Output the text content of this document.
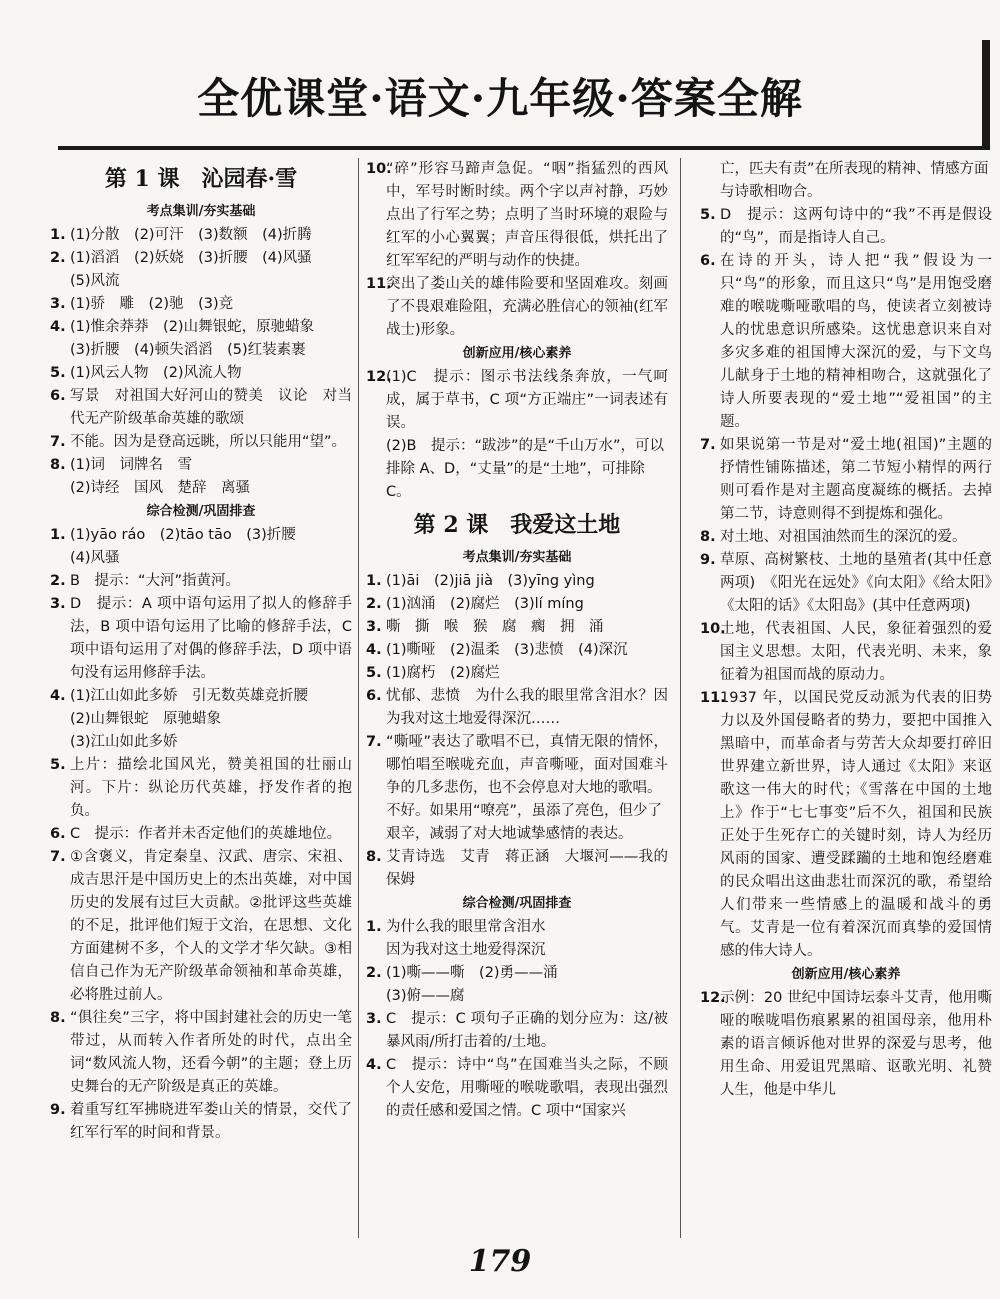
全优课堂·语文·九年级·答案全解
第 1 课　沁园春·雪
考点集训/夯实基础
1. (1)分散　(2)可汗　(3)数额　(4)折腾
2. (1)滔滔　(2)妖娆　(3)折腰　(4)风骚
(5)风流
3. (1)骄　雕　(2)驰　(3)竞
4. (1)惟余莽莽　(2)山舞银蛇，原驰蜡象
(3)折腰　(4)顿失滔滔　(5)红装素裹
5. (1)风云人物　(2)风流人物
6. 写景　对祖国大好河山的赞美　议论　对当代无产阶级革命英雄的歌颂
7. 不能。因为是登高远眺，所以只能用“望”。
8. (1)词　词牌名　雪
(2)诗经　国风　楚辞　离骚
综合检测/巩固排查
1. (1)yāo ráo　(2)tāo tāo　(3)折腰
(4)风骚
2. B　提示：“大河”指黄河。
3. D　提示：A 项中语句运用了拟人的修辞手法，B 项中语句运用了比喻的修辞手法，C 项中语句运用了对偶的修辞手法，D 项中语句没有运用修辞手法。
4. (1)江山如此多娇　引无数英雄竞折腰
(2)山舞银蛇　原驰蜡象
(3)江山如此多娇
5. 上片：描绘北国风光，赞美祖国的壮丽山河。下片：纵论历代英雄，抒发作者的抱负。
6. C　提示：作者并未否定他们的英雄地位。
7. ①含褒义，肯定秦皇、汉武、唐宗、宋祖、成吉思汗是中国历史上的杰出英雄，对中国历史的发展有过巨大贡献。②批评这些英雄的不足，批评他们短于文治，在思想、文化方面建树不多，个人的文学才华欠缺。③相信自己作为无产阶级革命领袖和革命英雄，必将胜过前人。
8. “俱往矣”三字，将中国封建社会的历史一笔带过，从而转入作者所处的时代，点出全词“数风流人物，还看今朝”的主题；登上历史舞台的无产阶级是真正的英雄。
9. 着重写红军拂晓进军娄山关的情景，交代了红军行军的时间和背景。
10.
“碎”形容马蹄声急促。“咽”指猛烈的西风中，军号时断时续。两个字以声衬静，巧妙点出了行军之势；点明了当时环境的艰险与红军的小心翼翼；声音压得很低，烘托出了红军军纪的严明与动作的快捷。
11.
突出了娄山关的雄伟险要和坚固难攻。刻画了不畏艰难险阻，充满必胜信心的领袖(红军战士)形象。
创新应用/核心素养
12.
(1)C　提示：图示书法线条奔放，一气呵成，属于草书，C 项“方正端庄”一词表述有误。
(2)B　提示：“跋涉”的是“千山万水”，可以排除 A、D，“丈量”的是“土地”，可排除 C。
第 2 课　我爱这土地
考点集训/夯实基础
1. (1)āi　(2)jiā jià　(3)yīng yìng
2. (1)汹涌　(2)腐烂　(3)lí míng
3. 嘶　撕　喉　猴　腐　瘸　拥　涌
4. (1)嘶哑　(2)温柔　(3)悲愤　(4)深沉
5. (1)腐朽　(2)腐烂
6. 忧郁、悲愤　为什么我的眼里常含泪水？因为我对这土地爱得深沉……
7. “嘶哑”表达了歌唱不已，真情无限的情怀，哪怕唱至喉咙充血，声音嘶哑，面对国难斗争的几多悲伤，也不会停息对大地的歌唱。
不好。如果用“嘹亮”，虽添了亮色，但少了艰辛，减弱了对大地诚挚感情的表达。
8. 艾青诗选　艾青　蒋正涵　大堰河——我的保姆
综合检测/巩固排查
1. 为什么我的眼里常含泪水
因为我对这土地爱得深沉
2. (1)嘶——嘶　(2)勇——涌
(3)俯——腐
3. C　提示：C 项句子正确的划分应为：这/被暴风雨/所打击着的/土地。
4. C　提示：诗中“鸟”在国难当头之际，不顾个人安危，用嘶哑的喉咙歌唱，表现出强烈的责任感和爱国之情。C 项中“国家兴
亡，匹夫有责”在所表现的精神、情感方面与诗歌相吻合。
5. D　提示：这两句诗中的“我”不再是假设的“鸟”，而是指诗人自己。
6. 在诗的开头，诗人把“我”假设为一只“鸟”的形象，而且这只“鸟”是用饱受磨难的喉咙嘶哑歌唱的鸟，使读者立刻被诗人的忧患意识所感染。这忧患意识来自对多灾多难的祖国博大深沉的爱，与下文鸟儿献身于土地的精神相吻合，这就强化了诗人所要表现的“爱土地”“爱祖国”的主题。
7. 如果说第一节是对“爱土地(祖国)”主题的抒情性铺陈描述，第二节短小精悍的两行则可看作是对主题高度凝练的概括。去掉第二节，诗意则得不到提炼和强化。
8. 对土地、对祖国油然而生的深沉的爱。
9. 草原、高树繁枝、土地的垦殖者(其中任意两项)　《阳光在远处》《向太阳》《给太阳》《太阳的话》《太阳岛》(其中任意两项)
10.
土地，代表祖国、人民，象征着强烈的爱国主义思想。太阳，代表光明、未来，象征着为祖国而战的原动力。
11.
1937 年，以国民党反动派为代表的旧势力以及外国侵略者的势力，要把中国推入黑暗中，而革命者与劳苦大众却要打碎旧世界建立新世界，诗人通过《太阳》来讴歌这一伟大的时代；《雪落在中国的土地上》作于“七七事变”后不久，祖国和民族正处于生死存亡的关键时刻，诗人为经历风雨的国家、遭受蹂躏的土地和饱经磨难的民众唱出这曲悲壮而深沉的歌，希望给人们带来一些情感上的温暖和战斗的勇气。艾青是一位有着深沉而真挚的爱国情感的伟大诗人。
创新应用/核心素养
12.
示例：20 世纪中国诗坛泰斗艾青，他用嘶哑的喉咙唱伤痕累累的祖国母亲，他用朴素的语言倾诉他对世界的深爱与思考，他用生命、用爱诅咒黑暗、讴歌光明、礼赞人生，他是中华儿
179
